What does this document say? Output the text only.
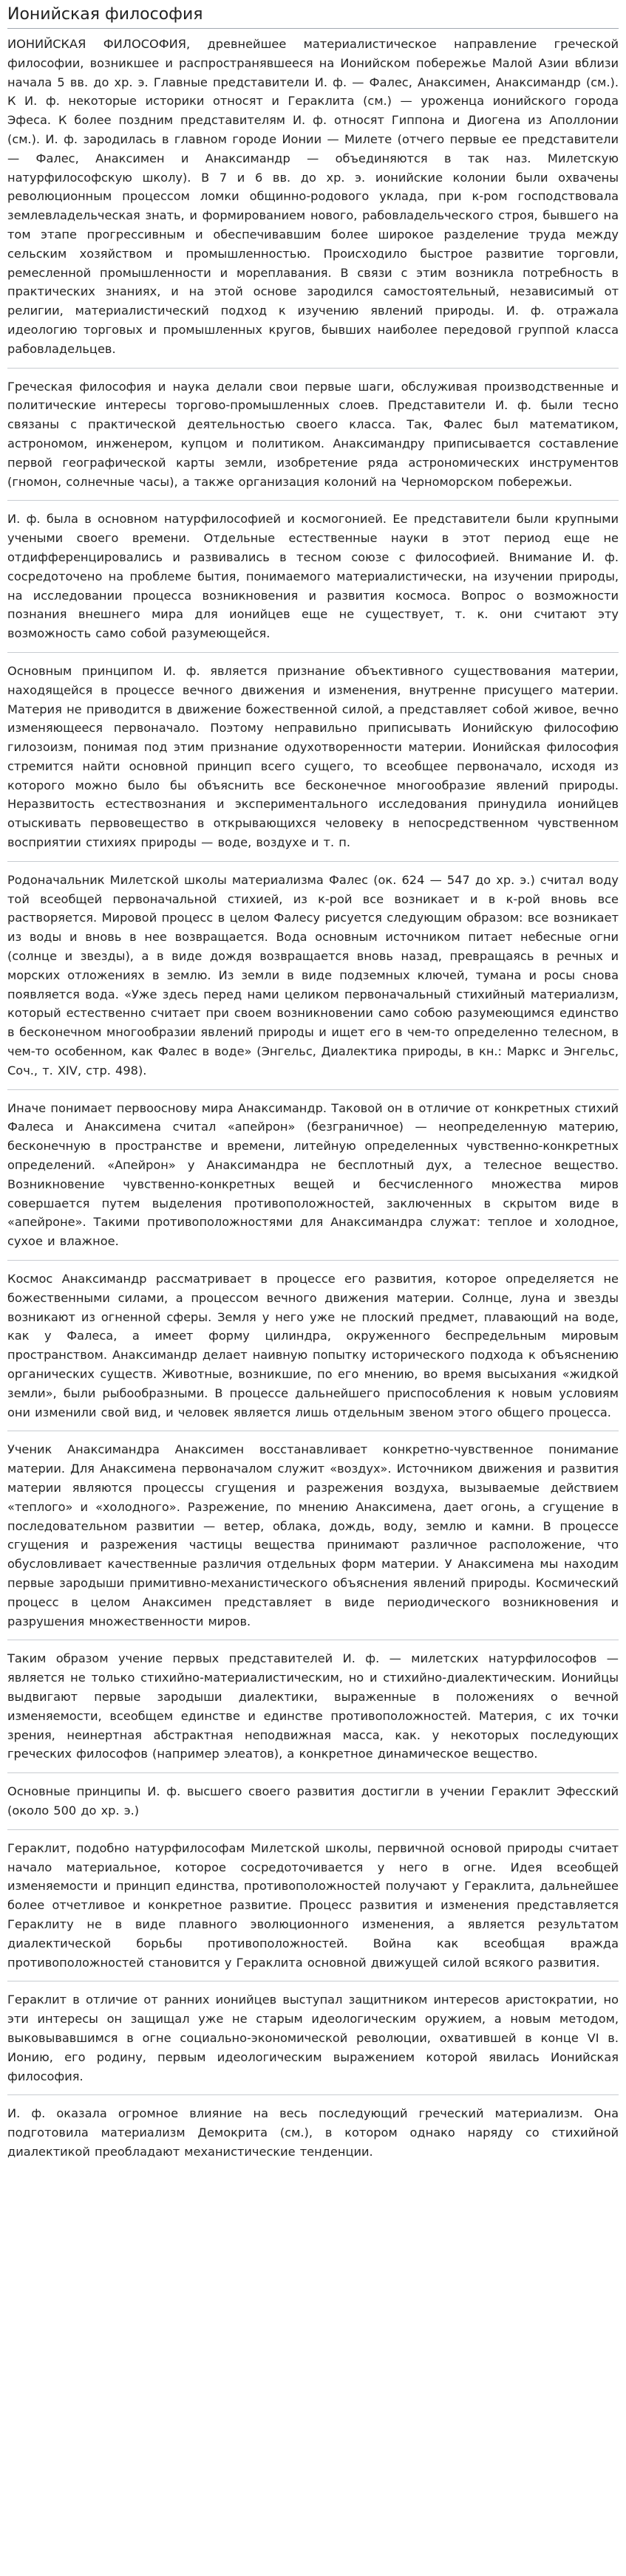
Ионийская философия

ИОНИЙСКАЯ ФИЛОСОФИЯ, древнейшее материалистическое направление греческой философии, возникшее и распространявшееся на Ионийском побережье Малой Азии вблизи начала 5 вв. до хр. э. Главные представители И. ф. — Фалес, Анаксимен, Анаксимандр (см.). К И. ф. некоторые историки относят и Гераклита (см.) — уроженца ионийского города Эфеса. К более поздним представителям И. ф. относят Гиппона и Диогена из Аполлонии (см.). И. ф. зародилась в главном городе Ионии — Милете (отчего первые ее представители — Фалес, Анаксимен и Анаксимандр — объединяются в так наз. Милетскую натурфилософскую школу). В 7 и 6 вв. до хр. э. ионийские колонии были охвачены революционным процессом ломки общинно-родового уклада, при к-ром господствовала землевладельческая знать, и формированием нового, рабовладельческого строя, бывшего на том этапе прогрессивным и обеспечивавшим более широкое разделение труда между сельским хозяйством и промышленностью. Происходило быстрое развитие торговли, ремесленной промышленности и мореплавания. В связи с этим возникла потребность в практических знаниях, и на этой основе зародился самостоятельный, независимый от религии, материалистический подход к изучению явлений природы. И. ф. отражала идеологию торговых и промышленных кругов, бывших наиболее передовой группой класса рабовладельцев.

Греческая философия и наука делали свои первые шаги, обслуживая производственные и политические интересы торгово-промышленных слоев. Представители И. ф. были тесно связаны с практической деятельностью своего класса. Так, Фалес был математиком, астрономом, инженером, купцом и политиком. Анаксимандру приписывается составление первой географической карты земли, изобретение ряда астрономических инструментов (гномон, солнечные часы), а также организация колоний на Черноморском побережьи.

И. ф. была в основном натурфилософией и космогонией. Ее представители были крупными учеными своего времени. Отдельные естественные науки в этот период еще не отдифференцировались и развивались в тесном союзе с философией. Внимание И. ф. сосредоточено на проблеме бытия, понимаемого материалистически, на изучении природы, на исследовании процесса возникновения и развития космоса. Вопрос о возможности познания внешнего мира для ионийцев еще не существует, т. к. они считают эту возможность само собой разумеющейся.

Основным принципом И. ф. является признание объективного существования материи, находящейся в процессе вечного движения и изменения, внутренне присущего материи. Материя не приводится в движение божественной силой, а представляет собой живое, вечно изменяющееся первоначало. Поэтому неправильно приписывать Ионийскую философию гилозоизм, понимая под этим признание одухотворенности материи. Ионийская философия стремится найти основной принцип всего сущего, то всеобщее первоначало, исходя из которого можно было бы объяснить все бесконечное многообразие явлений природы. Неразвитость естествознания и экспериментального исследования принудила ионийцев отыскивать первовещество в открывающихся человеку в непосредственном чувственном восприятии стихиях природы — воде, воздухе и т. п.

Родоначальник Милетской школы материализма Фалес (ок. 624 — 547 до хр. э.) считал воду той всеобщей первоначальной стихией, из к-рой все возникает и в к-рой вновь все растворяется. Мировой процесс в целом Фалесу рисуется следующим образом: все возникает из воды и вновь в нее возвращается. Вода основным источником питает небесные огни (солнце и звезды), а в виде дождя возвращается вновь назад, превращаясь в речных и морских отложениях в землю. Из земли в виде подземных ключей, тумана и росы снова появляется вода. «Уже здесь перед нами целиком первоначальный стихийный материализм, который естественно считает при своем возникновении само собою разумеющимся единство в бесконечном многообразии явлений природы и ищет его в чем-то определенно телесном, в чем-то особенном, как Фалес в воде» (Энгельс, Диалектика природы, в кн.: Маркс и Энгельс, Соч., т. XIV, стр. 498).

Иначе понимает первооснову мира Анаксимандр. Таковой он в отличие от конкретных стихий Фалеса и Анаксимена считал «апейрон» (безграничное) — неопределенную материю, бесконечную в пространстве и времени, литейную определенных чувственно-конкретных определений. «Апейрон» у Анаксимандра не бесплотный дух, а телесное вещество. Возникновение чувственно-конкретных вещей и бесчисленного множества миров совершается путем выделения противоположностей, заключенных в скрытом виде в «апейроне». Такими противоположностями для Анаксимандра служат: теплое и холодное, сухое и влажное.

Космос Анаксимандр рассматривает в процессе его развития, которое определяется не божественными силами, а процессом вечного движения материи. Солнце, луна и звезды возникают из огненной сферы. Земля у него уже не плоский предмет, плавающий на воде, как у Фалеса, а имеет форму цилиндра, окруженного беспредельным мировым пространством. Анаксимандр делает наивную попытку исторического подхода к объяснению органических существ. Животные, возникшие, по его мнению, во время высыхания «жидкой земли», были рыбообразными. В процессе дальнейшего приспособления к новым условиям они изменили свой вид, и человек является лишь отдельным звеном этого общего процесса.

Ученик Анаксимандра Анаксимен восстанавливает конкретно-чувственное понимание материи. Для Анаксимена первоначалом служит «воздух». Источником движения и развития материи являются процессы сгущения и разрежения воздуха, вызываемые действием «теплого» и «холодного». Разрежение, по мнению Анаксимена, дает огонь, а сгущение в последовательном развитии — ветер, облака, дождь, воду, землю и камни. В процессе сгущения и разрежения частицы вещества принимают различное расположение, что обусловливает качественные различия отдельных форм материи. У Анаксимена мы находим первые зародыши примитивно-механистического объяснения явлений природы. Космический процесс в целом Анаксимен представляет в виде периодического возникновения и разрушения множественности миров.

Таким образом учение первых представителей И. ф. — милетских натурфилософов — является не только стихийно-материалистическим, но и стихийно-диалектическим. Ионийцы выдвигают первые зародыши диалектики, выраженные в положениях о вечной изменяемости, всеобщем единстве и единстве противоположностей. Материя, с их точки зрения, неинертная абстрактная неподвижная масса, как. у некоторых последующих греческих философов (например элеатов), а конкретное динамическое вещество.

Основные принципы И. ф. высшего своего развития достигли в учении Гераклит Эфесский (около 500 до хр. э.)

Гераклит, подобно натурфилософам Милетской школы, первичной основой природы считает начало материальное, которое сосредоточивается у него в огне. Идея всеобщей изменяемости и принцип единства, противоположностей получают у Гераклита, дальнейшее более отчетливое и конкретное развитие. Процесс развития и изменения представляется Гераклиту не в виде плавного эволюционного изменения, а является результатом диалектической борьбы противоположностей. Война как всеобщая вражда противоположностей становится у Гераклита основной движущей силой всякого развития.

Гераклит в отличие от ранних ионийцев выступал защитником интересов аристократии, но эти интересы он защищал уже не старым идеологическим оружием, а новым методом, выковывавшимся в огне социально-экономической революции, охватившей в конце VI в. Ионию, его родину, первым идеологическим выражением которой явилась Ионийская философия.

И. ф. оказала огромное влияние на весь последующий греческий материализм. Она подготовила материализм Демокрита (см.), в котором однако наряду со стихийной диалектикой преобладают механистические тенденции.
